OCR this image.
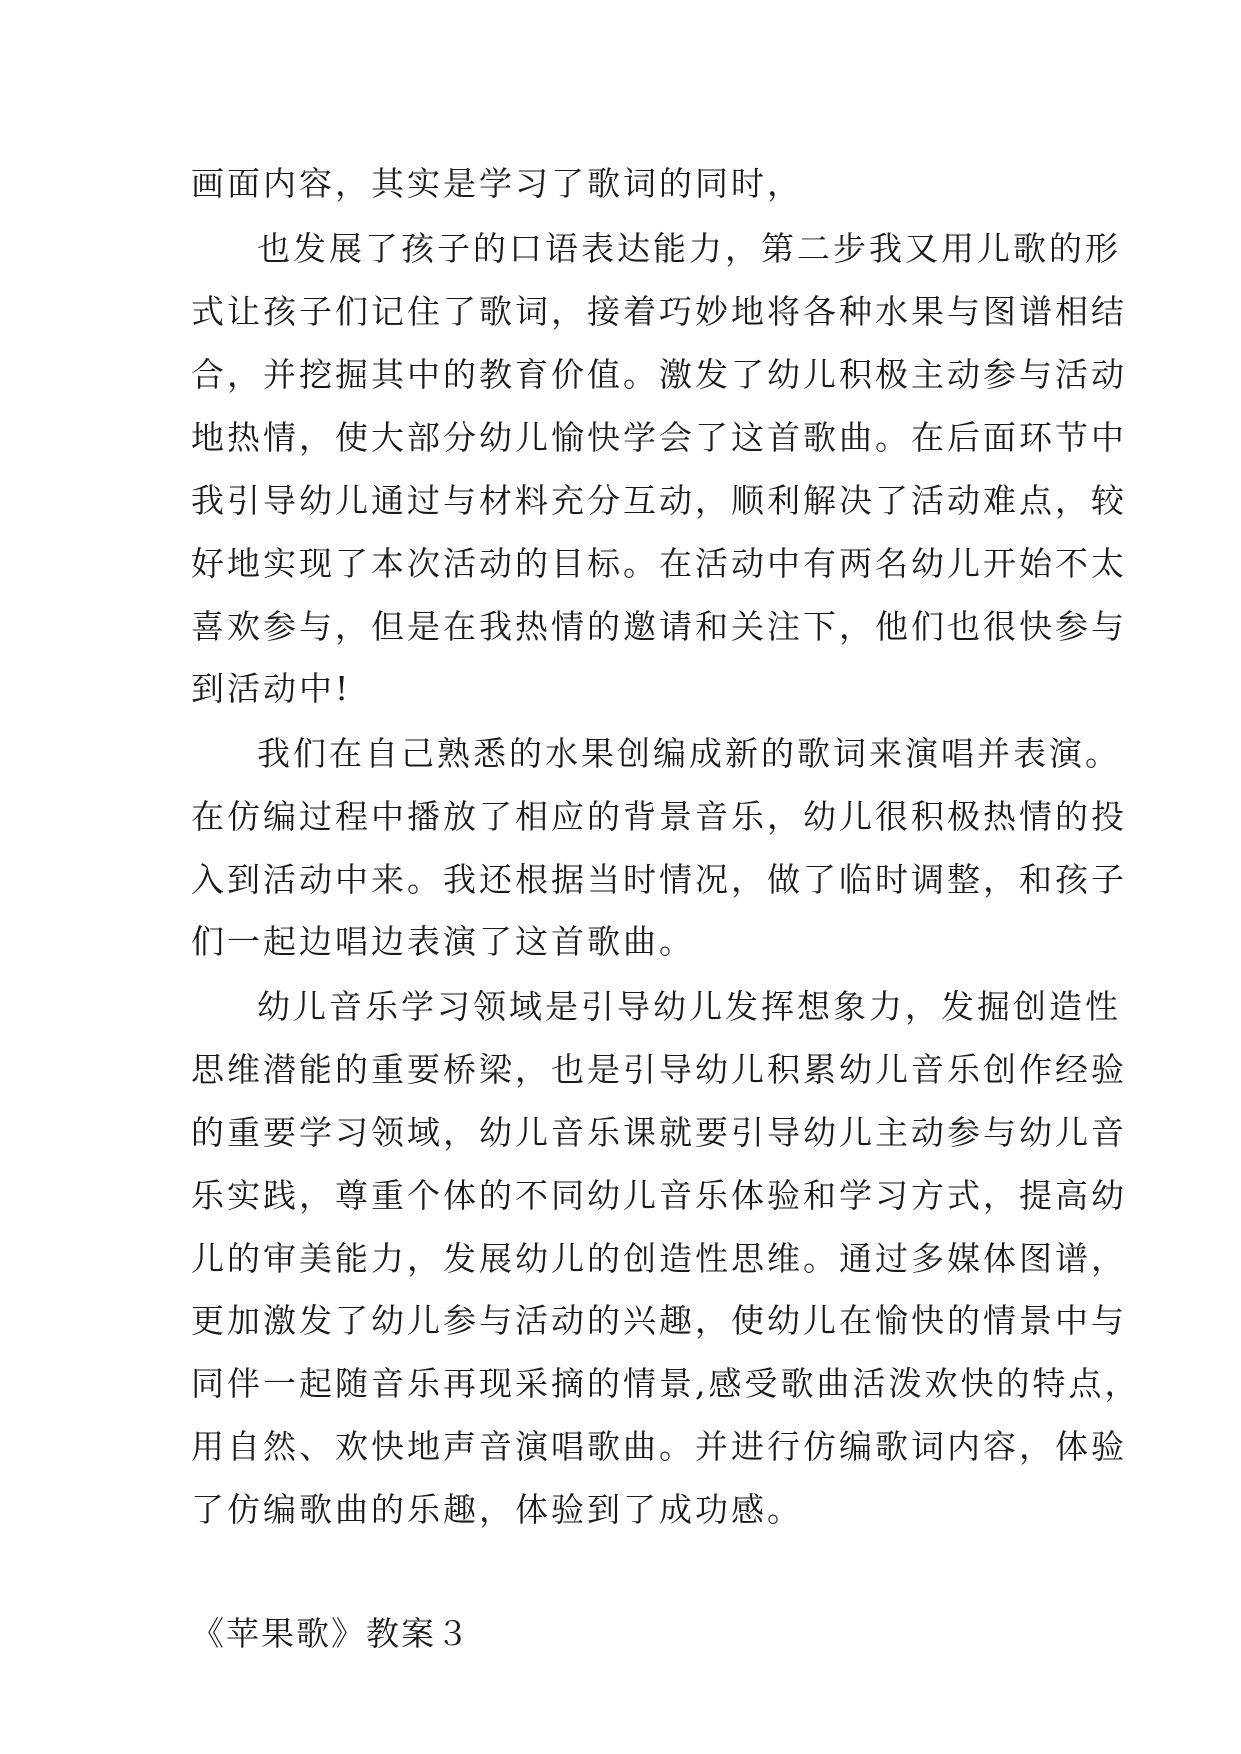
画面内容，其实是学习了歌词的同时，
也发展了孩子的口语表达能力，第二步我又用儿歌的形
式让孩子们记住了歌词，接着巧妙地将各种水果与图谱相结
合，并挖掘其中的教育价值。激发了幼儿积极主动参与活动
地热情，使大部分幼儿愉快学会了这首歌曲。在后面环节中
我引导幼儿通过与材料充分互动，顺利解决了活动难点，较
好地实现了本次活动的目标。在活动中有两名幼儿开始不太
喜欢参与，但是在我热情的邀请和关注下，他们也很快参与
到活动中!
我们在自己熟悉的水果创编成新的歌词来演唱并表演。
在仿编过程中播放了相应的背景音乐，幼儿很积极热情的投
入到活动中来。我还根据当时情况，做了临时调整，和孩子
们一起边唱边表演了这首歌曲。
幼儿音乐学习领域是引导幼儿发挥想象力，发掘创造性
思维潜能的重要桥梁，也是引导幼儿积累幼儿音乐创作经验
的重要学习领域，幼儿音乐课就要引导幼儿主动参与幼儿音
乐实践，尊重个体的不同幼儿音乐体验和学习方式，提高幼
儿的审美能力，发展幼儿的创造性思维。通过多媒体图谱，
更加激发了幼儿参与活动的兴趣，使幼儿在愉快的情景中与
同伴一起随音乐再现采摘的情景,感受歌曲活泼欢快的特点，
用自然、欢快地声音演唱歌曲。并进行仿编歌词内容，体验
了仿编歌曲的乐趣，体验到了成功感。
《苹果歌》教案３
